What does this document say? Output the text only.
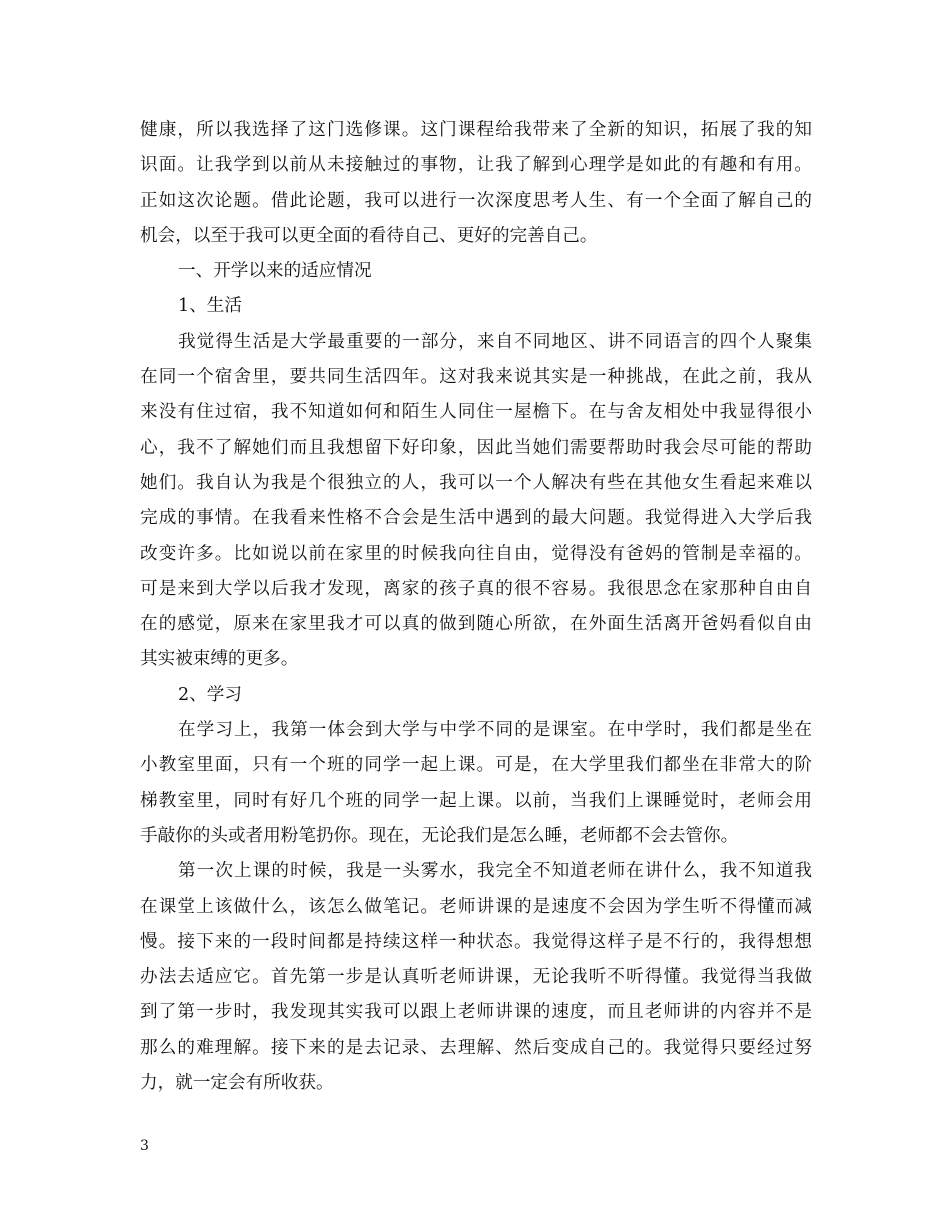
健康，所以我选择了这门选修课。这门课程给我带来了全新的知识，拓展了我的知
识面。让我学到以前从未接触过的事物，让我了解到心理学是如此的有趣和有用。
正如这次论题。借此论题，我可以进行一次深度思考人生、有一个全面了解自己的
机会，以至于我可以更全面的看待自己、更好的完善自己。
一、开学以来的适应情况
1、生活
我觉得生活是大学最重要的一部分，来自不同地区、讲不同语言的四个人聚集
在同一个宿舍里，要共同生活四年。这对我来说其实是一种挑战，在此之前，我从
来没有住过宿，我不知道如何和陌生人同住一屋檐下。在与舍友相处中我显得很小
心，我不了解她们而且我想留下好印象，因此当她们需要帮助时我会尽可能的帮助
她们。我自认为我是个很独立的人，我可以一个人解决有些在其他女生看起来难以
完成的事情。在我看来性格不合会是生活中遇到的最大问题。我觉得进入大学后我
改变许多。比如说以前在家里的时候我向往自由，觉得没有爸妈的管制是幸福的。
可是来到大学以后我才发现，离家的孩子真的很不容易。我很思念在家那种自由自
在的感觉，原来在家里我才可以真的做到随心所欲，在外面生活离开爸妈看似自由
其实被束缚的更多。
2、学习
在学习上，我第一体会到大学与中学不同的是课室。在中学时，我们都是坐在
小教室里面，只有一个班的同学一起上课。可是，在大学里我们都坐在非常大的阶
梯教室里，同时有好几个班的同学一起上课。以前，当我们上课睡觉时，老师会用
手敲你的头或者用粉笔扔你。现在，无论我们是怎么睡，老师都不会去管你。
第一次上课的时候，我是一头雾水，我完全不知道老师在讲什么，我不知道我
在课堂上该做什么，该怎么做笔记。老师讲课的是速度不会因为学生听不得懂而减
慢。接下来的一段时间都是持续这样一种状态。我觉得这样子是不行的，我得想想
办法去适应它。首先第一步是认真听老师讲课，无论我听不听得懂。我觉得当我做
到了第一步时，我发现其实我可以跟上老师讲课的速度，而且老师讲的内容并不是
那么的难理解。接下来的是去记录、去理解、然后变成自己的。我觉得只要经过努
力，就一定会有所收获。
3
